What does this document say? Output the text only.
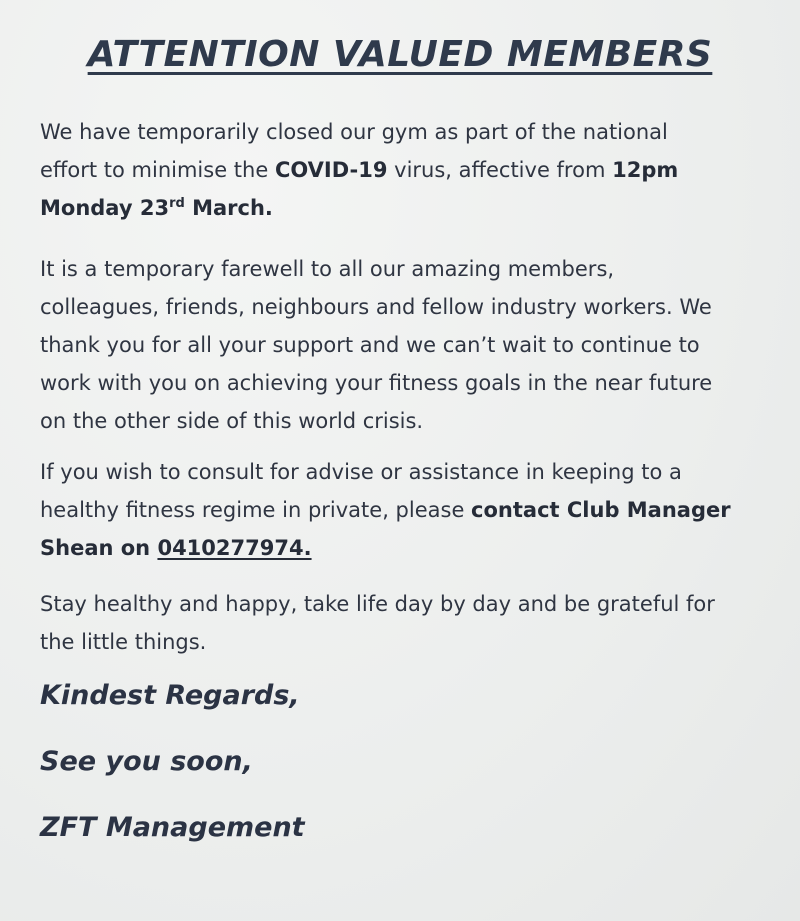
ATTENTION VALUED MEMBERS

We have temporarily closed our gym as part of the national
effort to minimise the COVID-19 virus, affective from 12pm
Monday 23rd March.

It is a temporary farewell to all our amazing members,
colleagues, friends, neighbours and fellow industry workers. We
thank you for all your support and we can’t wait to continue to
work with you on achieving your fitness goals in the near future
on the other side of this world crisis.

If you wish to consult for advise or assistance in keeping to a
healthy fitness regime in private, please contact Club Manager
Shean on 0410277974.

Stay healthy and happy, take life day by day and be grateful for
the little things.

Kindest Regards,
See you soon,
ZFT Management
